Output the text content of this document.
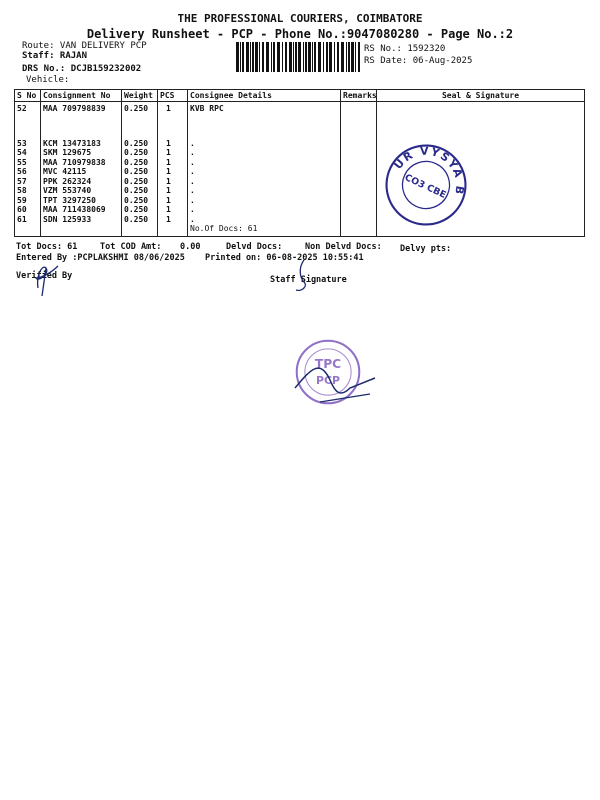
THE PROFESSIONAL COURIERS, COIMBATORE
Delivery Runsheet - PCP - Phone No.:9047080280 - Page No.:2
Route: VAN DELIVERY PCP
Staff: RAJAN
DRS No.: DCJB159232002
Vehicle:
RS No.: 1592320
RS Date: 06-Aug-2025
S No	Consignment No	Weight	PCS	Consignee Details	Remarks	Seal & Signature
52	MAA 709798839	0.250	1	KVB RPC		
53	KCM 13473183	0.250	1	.		
54	SKM 129675	0.250	1	.		
55	MAA 710979838	0.250	1	.		
56	MVC 42115	0.250	1	.		
57	PPK 262324	0.250	1	.		
58	VZM 553740	0.250	1	.		
59	TPT 3297250	0.250	1	.		
60	MAA 711438069	0.250	1	.		
61	SDN 125933	0.250	1	.		
				No.Of Docs: 61		
KARUR VYSYA BANK
CO3 CBE
TPC
PCP
Tot Docs: 61	Tot COD Amt: 0.00	Delvd Docs:	Non Delvd Docs: Delvy pts:
Entered By :PCPLAKSHMI 08/06/2025 Printed on: 06-08-2025 10:55:41
Verified By	Staff Signature
